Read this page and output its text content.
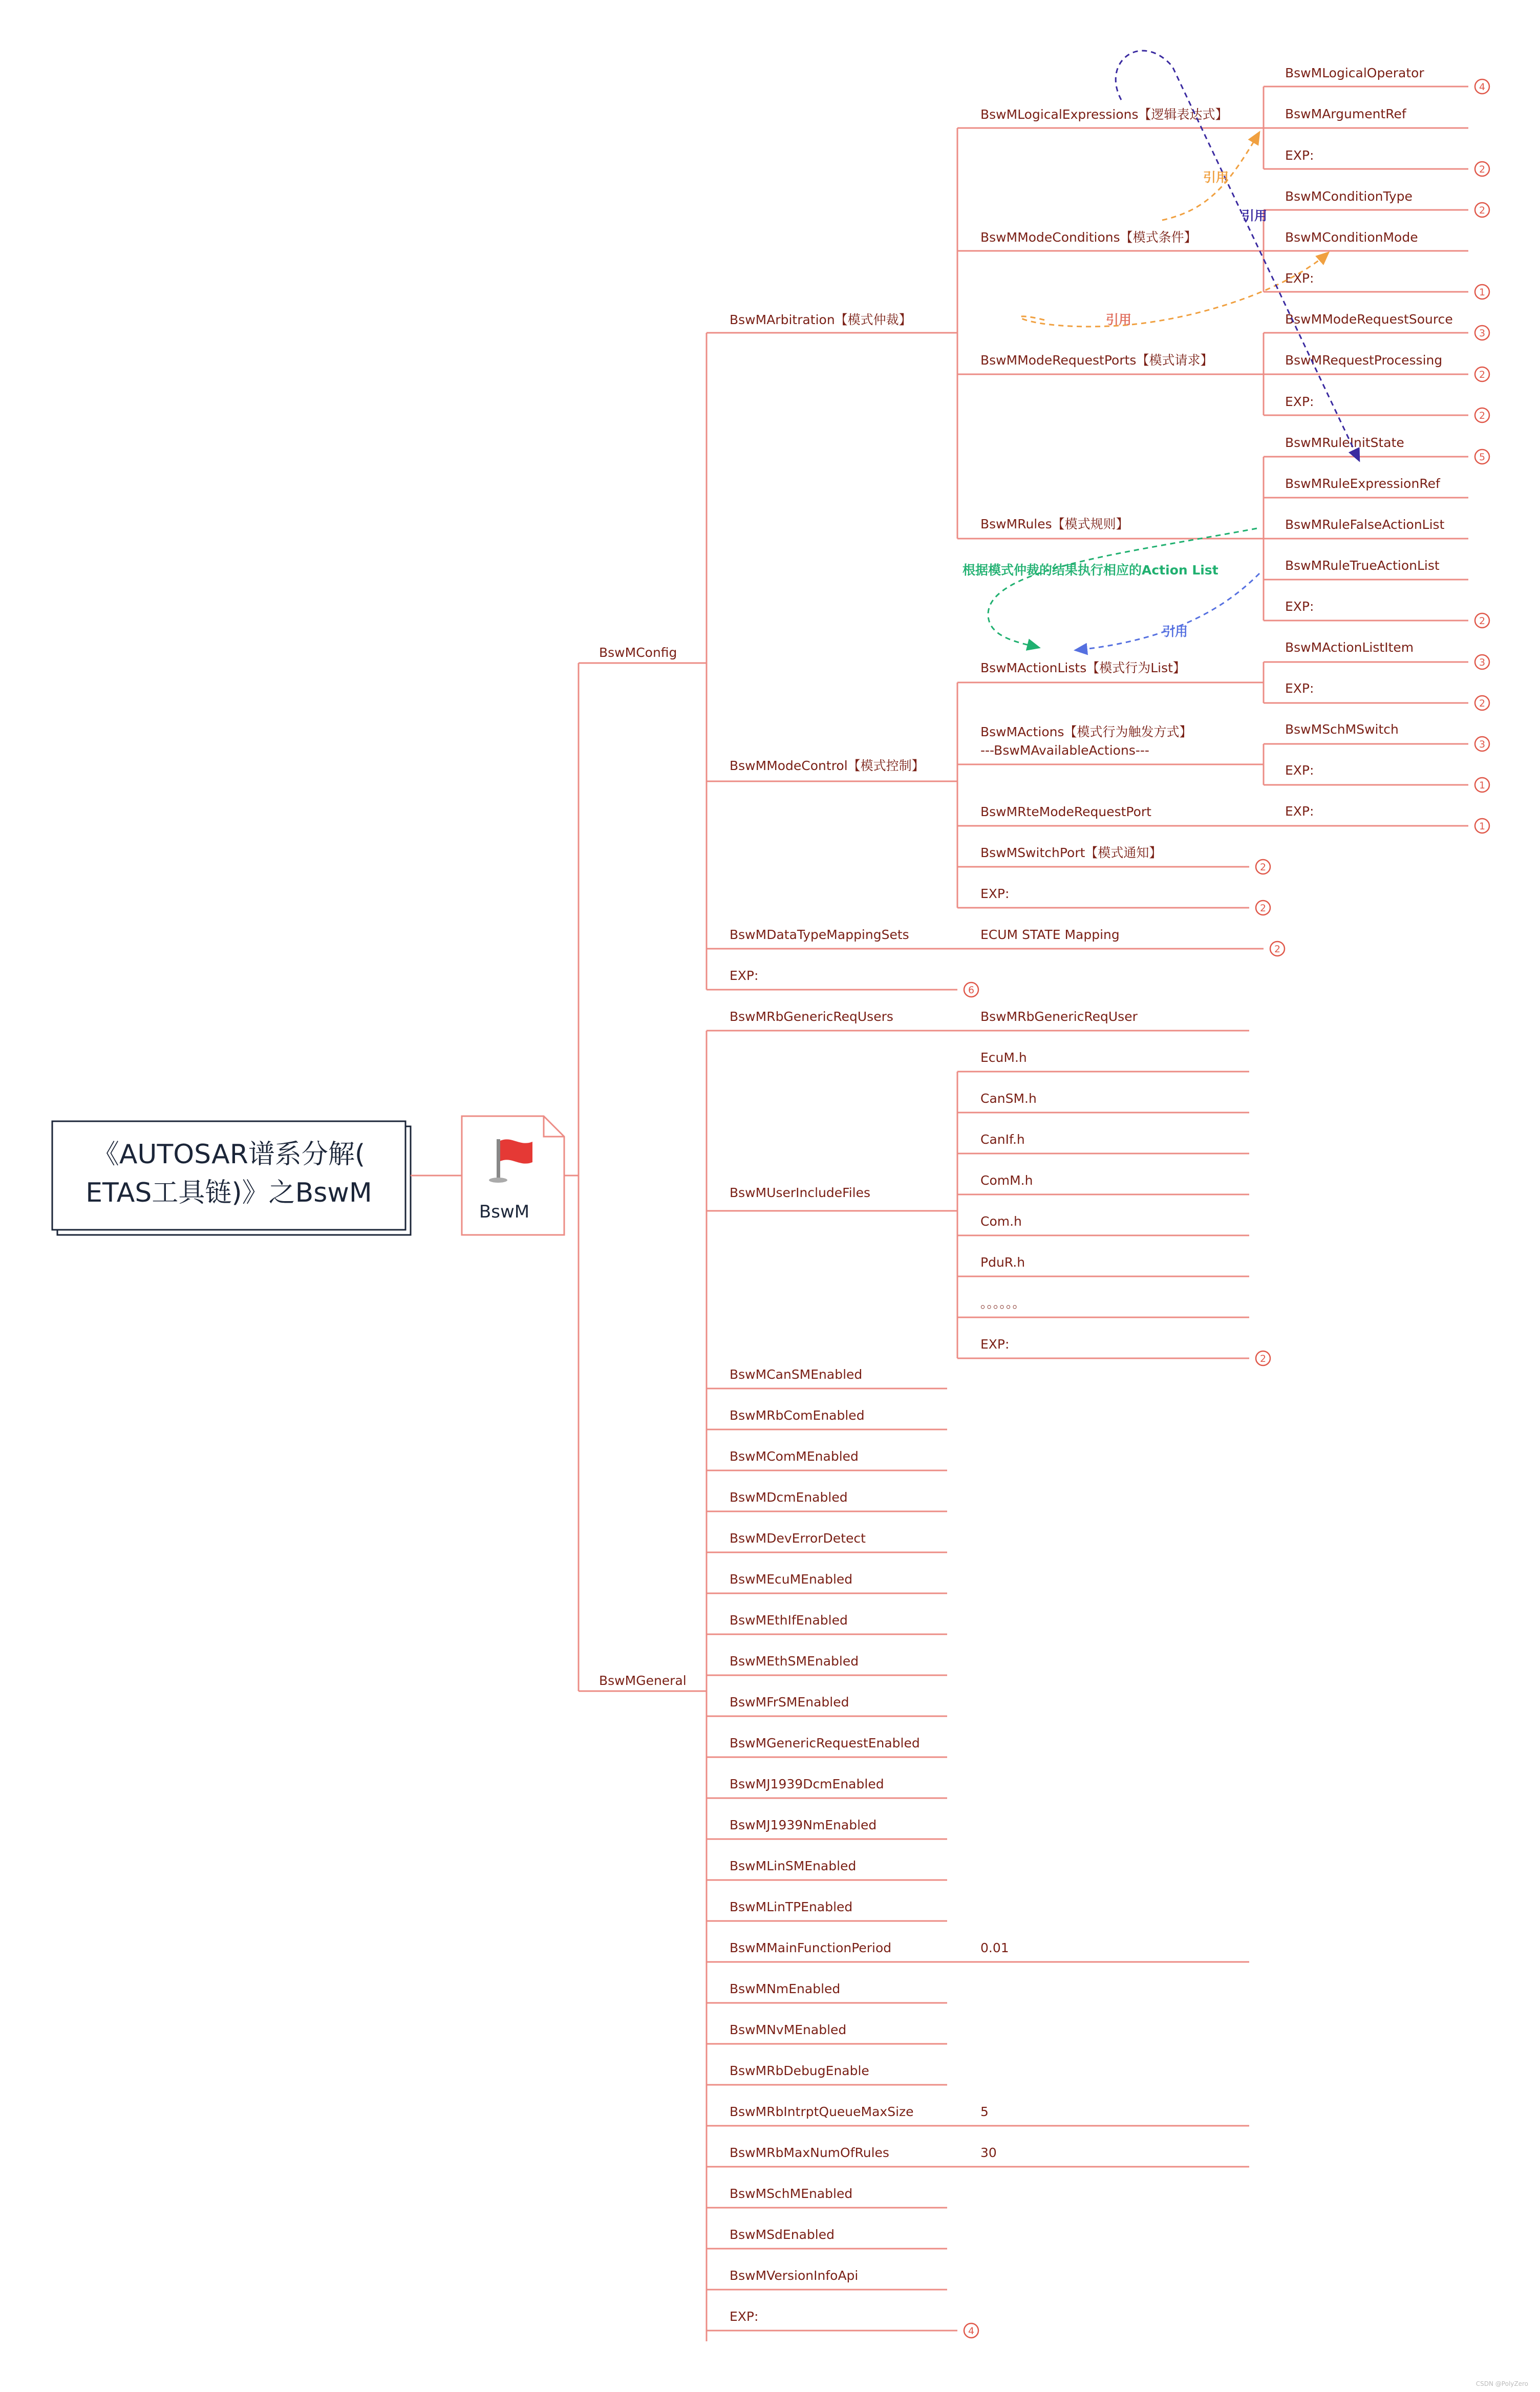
《AUTOSAR谱系分解(
ETAS工具链)》之BswM
BswM
BswMConfig
BswMGeneral
BswMArbitration【模式仲裁】
BswMModeControl【模式控制】
BswMDataTypeMappingSets	ECUM STATE Mapping
EXP:
BswMRbGenericReqUsers	BswMRbGenericReqUser
BswMUserIncludeFiles
BswMLogicalExpressions【逻辑表达式】
BswMModeConditions【模式条件】
BswMModeRequestPorts【模式请求】
BswMRules【模式规则】
BswMLogicalOperator
BswMArgumentRef
EXP:
BswMConditionType
BswMConditionMode
EXP:
BswMModeRequestSource
BswMRequestProcessing
EXP:
BswMRuleInitState
BswMRuleExpressionRef
BswMRuleFalseActionList
BswMRuleTrueActionList
EXP:
BswMActionLists【模式行为List】
BswMActions【模式行为触发方式】
---BswMAvailableActions---
BswMRteModeRequestPort
BswMSwitchPort【模式通知】
EXP:
BswMActionListItem
EXP:
BswMSchMSwitch
EXP:
EXP:
EcuM.h
CanSM.h
CanIf.h
ComM.h
Com.h
PduR.h
。。。。。。
EXP:
BswMCanSMEnabled
BswMRbComEnabled
BswMComMEnabled
BswMDcmEnabled
BswMDevErrorDetect
BswMEcuMEnabled
BswMEthIfEnabled
BswMEthSMEnabled
BswMFrSMEnabled
BswMGenericRequestEnabled
BswMJ1939DcmEnabled
BswMJ1939NmEnabled
BswMLinSMEnabled
BswMLinTPEnabled
BswMMainFunctionPeriod	0.01
BswMNmEnabled
BswMNvMEnabled
BswMRbDebugEnable
BswMRbIntrptQueueMaxSize	5
BswMRbMaxNumOfRules	30
BswMSchMEnabled
BswMSdEnabled
BswMVersionInfoApi
EXP:
4
2
2
1
3
2
2
5
2
3
2
3
1
1
2
2
2
6
2
4
引用
引用
引用
根据模式仲裁的结果执行相应的Action List
引用
CSDN @PolyZero
